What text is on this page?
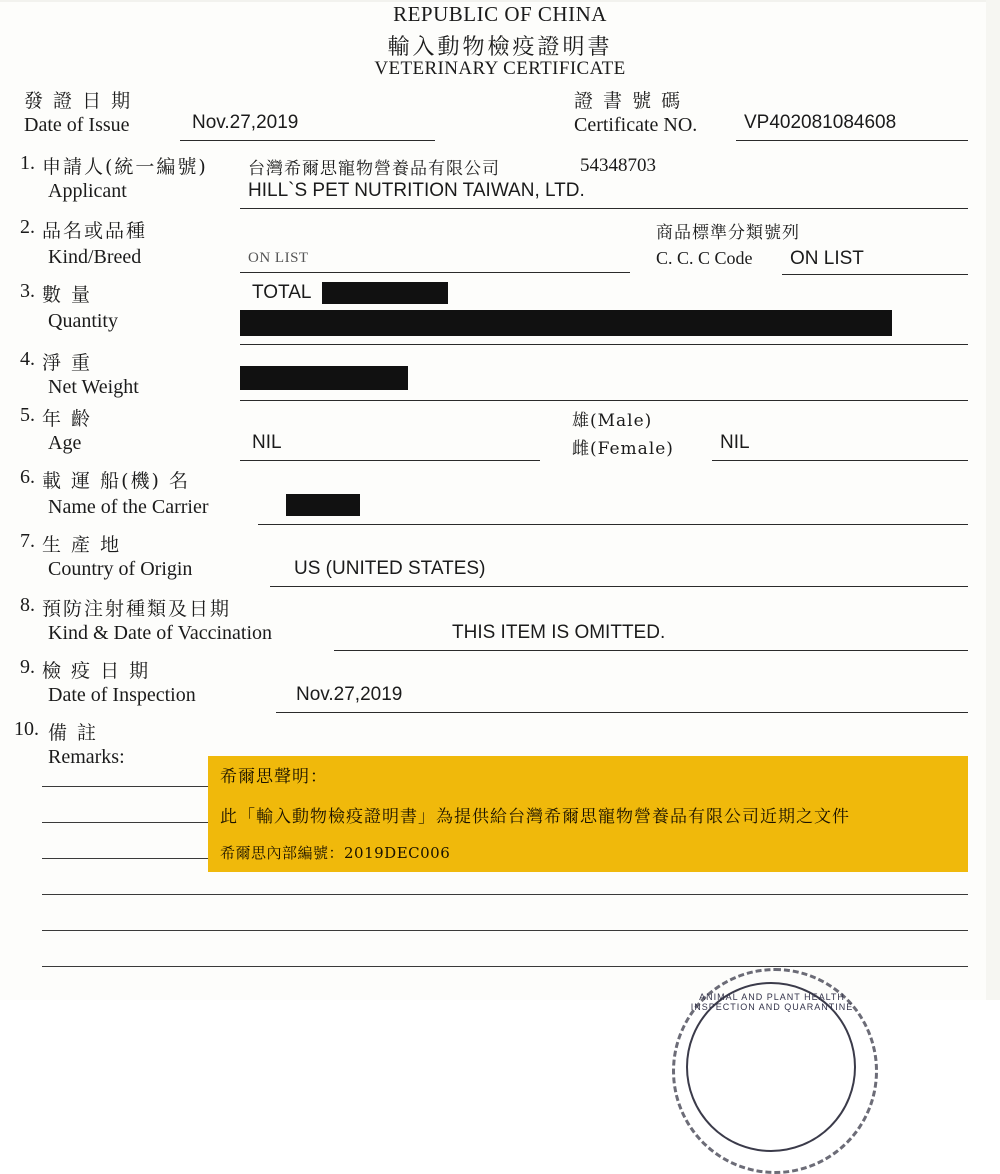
REPUBLIC OF CHINA
輸入動物檢疫證明書
VETERINARY CERTIFICATE
發 證 日 期
Date of Issue	Nov.27,2019
證 書 號 碼
Certificate NO. VP402081084608
1. 申請人(統一編號)
Applicant
台灣希爾思寵物營養品有限公司	54348703
HILL`S PET NUTRITION TAIWAN, LTD.
2. 品名或品種
Kind/Breed	ON LIST
商品標準分類號列
C. C. C Code ON LIST
3. 數 量
Quantity
TOTAL
4. 淨 重
Net Weight
5. 年 齡
Age	NIL
雄(Male)
雌(Female) NIL
6. 載 運 船(機) 名
Name of the Carrier
7. 生 產 地
Country of Origin	US (UNITED STATES)
8. 預防注射種類及日期
Kind & Date of Vaccination	THIS ITEM IS OMITTED.
9. 檢 疫 日 期
Date of Inspection	Nov.27,2019
10. 備 註
Remarks:
希爾思聲明：
此「輸入動物檢疫證明書」為提供給台灣希爾思寵物營養品有限公司近期之文件
希爾思內部編號：2019DEC006
ANIMAL AND PLANT HEALTH INSPECTION AND QUARANTINE
